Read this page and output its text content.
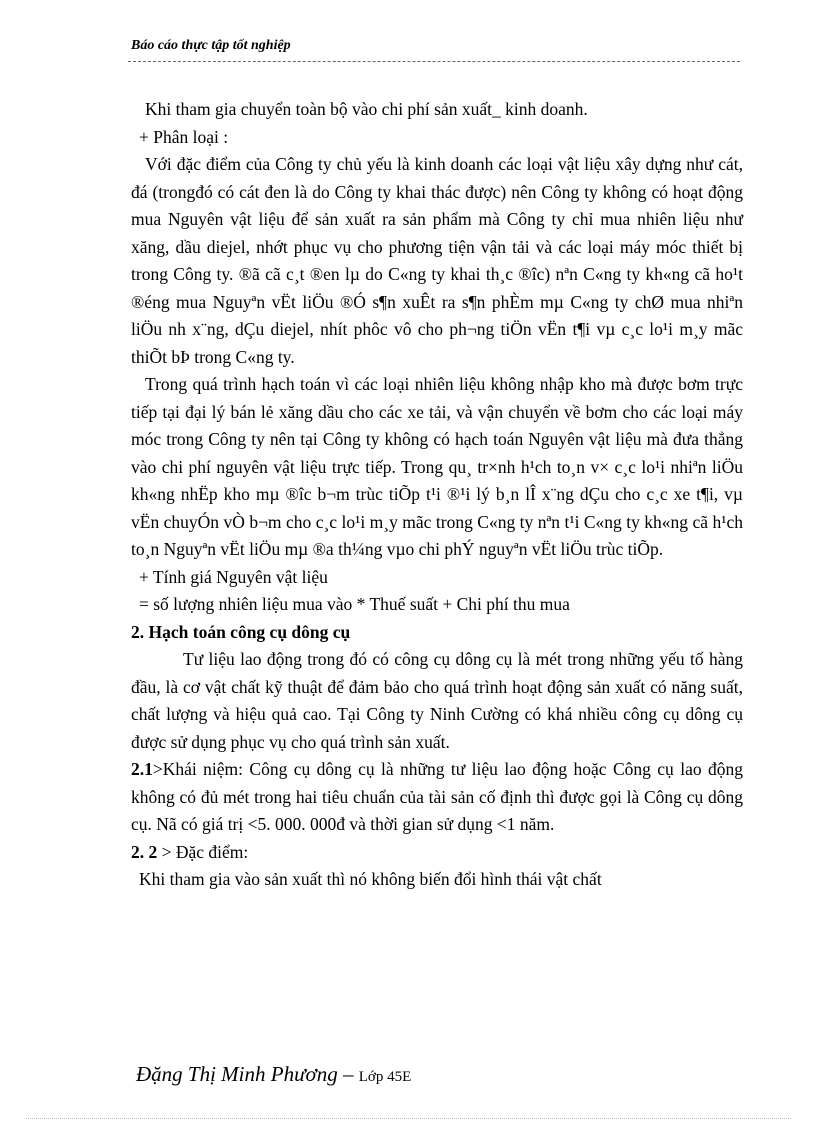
Báo cáo thực tập tốt nghiệp

Khi tham gia chuyển toàn bộ vào chi phí sản xuất_ kinh doanh.

+ Phân loại :

Với đặc điểm của Công ty chủ yếu là kinh doanh các loại vật liệu xây dựng như cát, đá (trongđó có cát đen là do Công ty khai thác được) nên Công ty không có hoạt động mua Nguyên vật liệu để sản xuất ra sản phẩm mà Công ty chỉ mua nhiên liệu như xăng, dầu diejel, nhớt phục vụ cho phương tiện vận tải và các loại máy móc thiết bị trong Công ty. ®ã cã c¸t ®en lµ do C«ng ty khai th¸c ®îc) nªn C«ng ty kh«ng cã ho¹t ®éng mua Nguyªn vËt liÖu ®Ó s¶n xuÊt ra s¶n phÈm mµ C«ng ty chØ mua nhiªn liÖu nh x¨ng, dÇu diejel, nhít phôc vô cho ph¬ng tiÖn vËn t¶i vµ c¸c lo¹i m¸y mãc thiÕt bÞ trong C«ng ty.

Trong quá trình hạch toán vì các loại nhiên liệu không nhập kho mà được bơm trực tiếp tại đại lý bán lẻ xăng dầu cho các xe tải, và vận chuyển về bơm cho các loại máy móc trong Công ty nên tại Công ty không có hạch toán Nguyên vật liệu mà đưa thẳng vào chi phí nguyên vật liệu trực tiếp. Trong qu¸ tr×nh h¹ch to¸n v× c¸c lo¹i nhiªn liÖu kh«ng nhËp kho mµ ®îc b¬m trùc tiÕp t¹i ®¹i lý b¸n lÎ x¨ng dÇu cho c¸c xe t¶i, vµ vËn chuyÓn vÒ b¬m cho c¸c lo¹i m¸y mãc trong C«ng ty nªn t¹i C«ng ty kh«ng cã h¹ch to¸n Nguyªn vËt liÖu mµ ®a th¼ng vµo chi phÝ nguyªn vËt liÖu trùc tiÕp.

+ Tính giá Nguyên vật liệu

= số lượng nhiên liệu mua vào * Thuế suất + Chi phí thu mua

2. Hạch toán công cụ dông cụ

Tư liệu lao động trong đó có công cụ dông cụ là mét trong những yếu tố hàng đầu, là cơ vật chất kỹ thuật để đảm bảo cho quá trình hoạt động sản xuất có năng suất, chất lượng và hiệu quả cao. Tại Công ty Ninh Cường có khá nhiều công cụ dông cụ được sử dụng phục vụ cho quá trình sản xuất.

2.1>Khái niệm: Công cụ dông cụ là những tư liệu lao động hoặc Công cụ lao động không có đủ mét trong hai tiêu chuẩn của tài sản cố định thì được gọi là Công cụ dông cụ. Nã có giá trị <5. 000. 000đ và thời gian sử dụng <1 năm.

2. 2 > Đặc điểm:

Khi tham gia vào sản xuất thì nó không biến đổi hình thái vật chất

Đặng Thị Minh Phương – Lớp 45E
